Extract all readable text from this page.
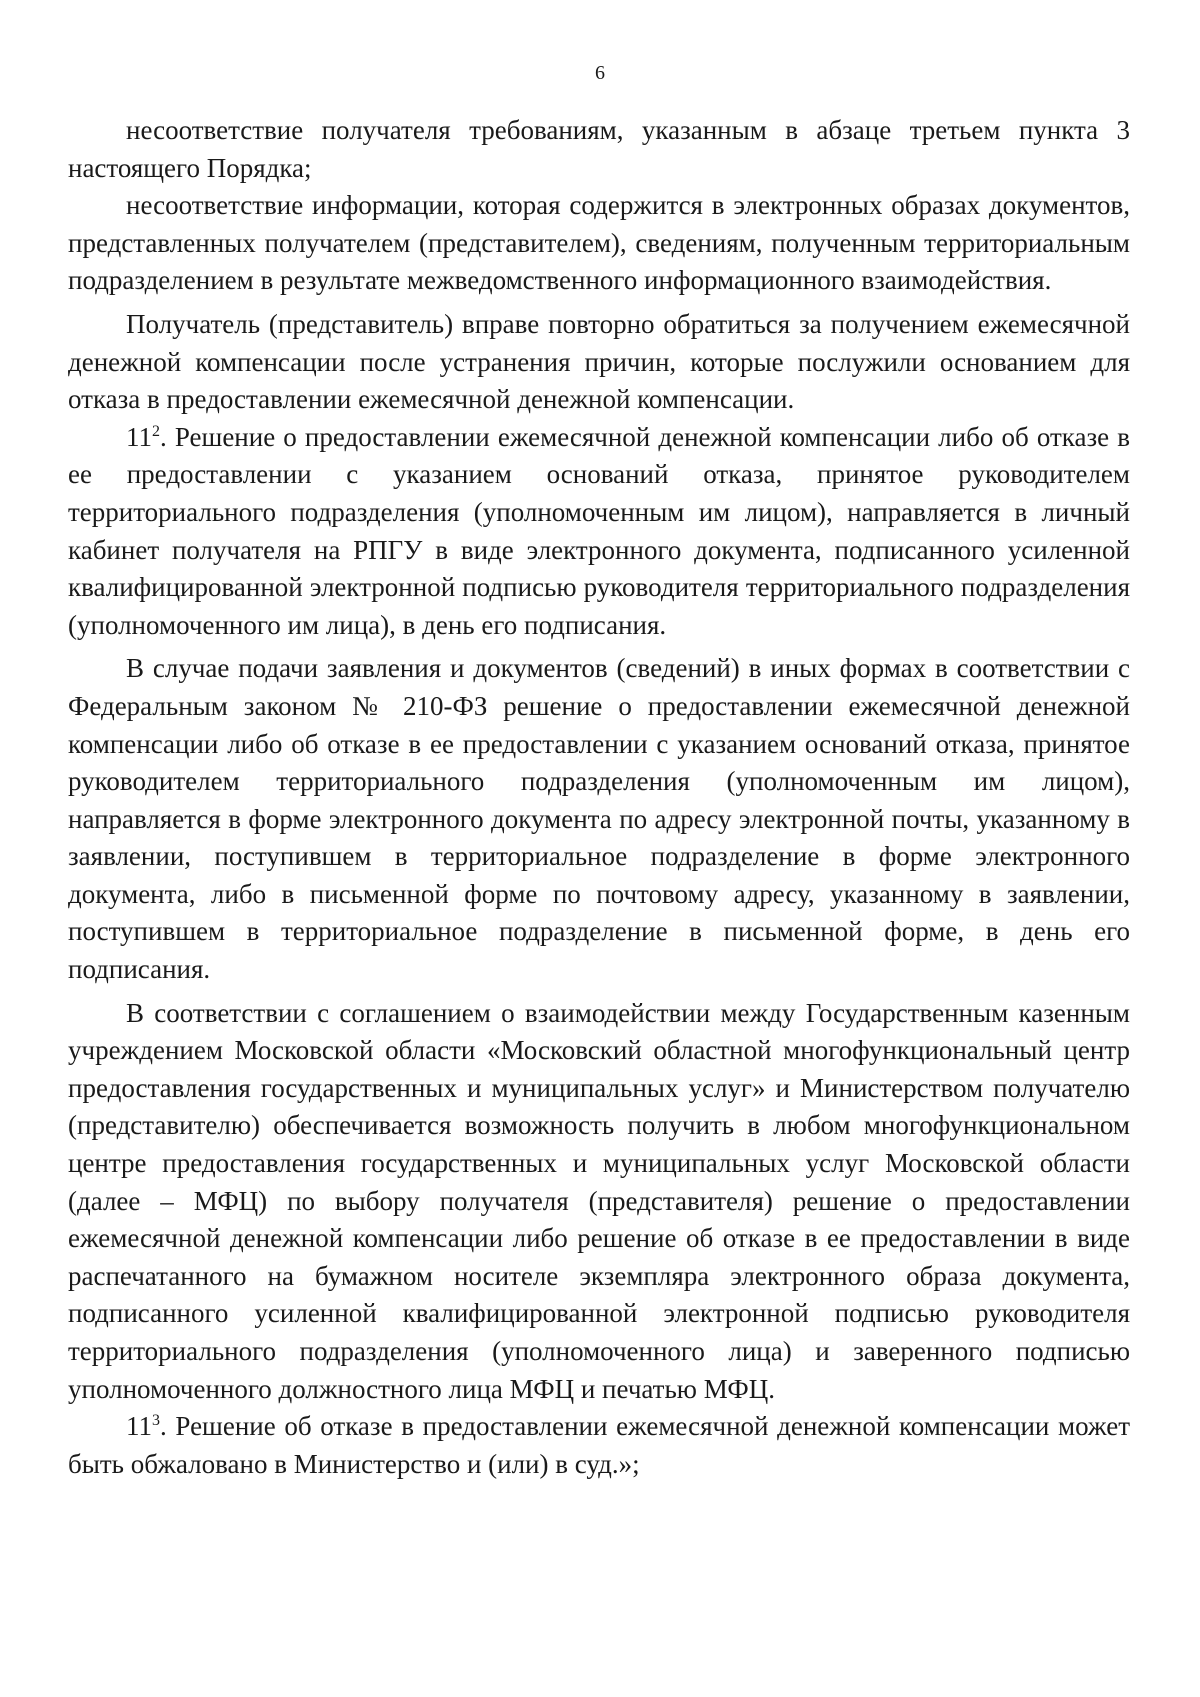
6

несоответствие получателя требованиям, указанным в абзаце третьем пункта 3 настоящего Порядка;

несоответствие информации, которая содержится в электронных образах документов, представленных получателем (представителем), сведениям, полученным территориальным подразделением в результате межведомственного информационного взаимодействия.

Получатель (представитель) вправе повторно обратиться за получением ежемесячной денежной компенсации после устранения причин, которые послужили основанием для отказа в предоставлении ежемесячной денежной компенсации.

$11^2$. Решение о предоставлении ежемесячной денежной компенсации либо об отказе в ее предоставлении с указанием оснований отказа, принятое руководителем территориального подразделения (уполномоченным им лицом), направляется в личный кабинет получателя на РПГУ в виде электронного документа, подписанного усиленной квалифицированной электронной подписью руководителя территориального подразделения (уполномоченного им лица), в день его подписания.

В случае подачи заявления и документов (сведений) в иных формах в соответствии с Федеральным законом № 210-ФЗ решение о предоставлении ежемесячной денежной компенсации либо об отказе в ее предоставлении с указанием оснований отказа, принятое руководителем территориального подразделения (уполномоченным им лицом), направляется в форме электронного документа по адресу электронной почты, указанному в заявлении, поступившем в территориальное подразделение в форме электронного документа, либо в письменной форме по почтовому адресу, указанному в заявлении, поступившем в территориальное подразделение в письменной форме, в день его подписания.

В соответствии с соглашением о взаимодействии между Государственным казенным учреждением Московской области «Московский областной многофункциональный центр предоставления государственных и муниципальных услуг» и Министерством получателю (представителю) обеспечивается возможность получить в любом многофункциональном центре предоставления государственных и муниципальных услуг Московской области (далее – МФЦ) по выбору получателя (представителя) решение о предоставлении ежемесячной денежной компенсации либо решение об отказе в ее предоставлении в виде распечатанного на бумажном носителе экземпляра электронного образа документа, подписанного усиленной квалифицированной электронной подписью руководителя территориального подразделения (уполномоченного лица) и заверенного подписью уполномоченного должностного лица МФЦ и печатью МФЦ.

$11^3$. Решение об отказе в предоставлении ежемесячной денежной компенсации может быть обжаловано в Министерство и (или) в суд.»;
